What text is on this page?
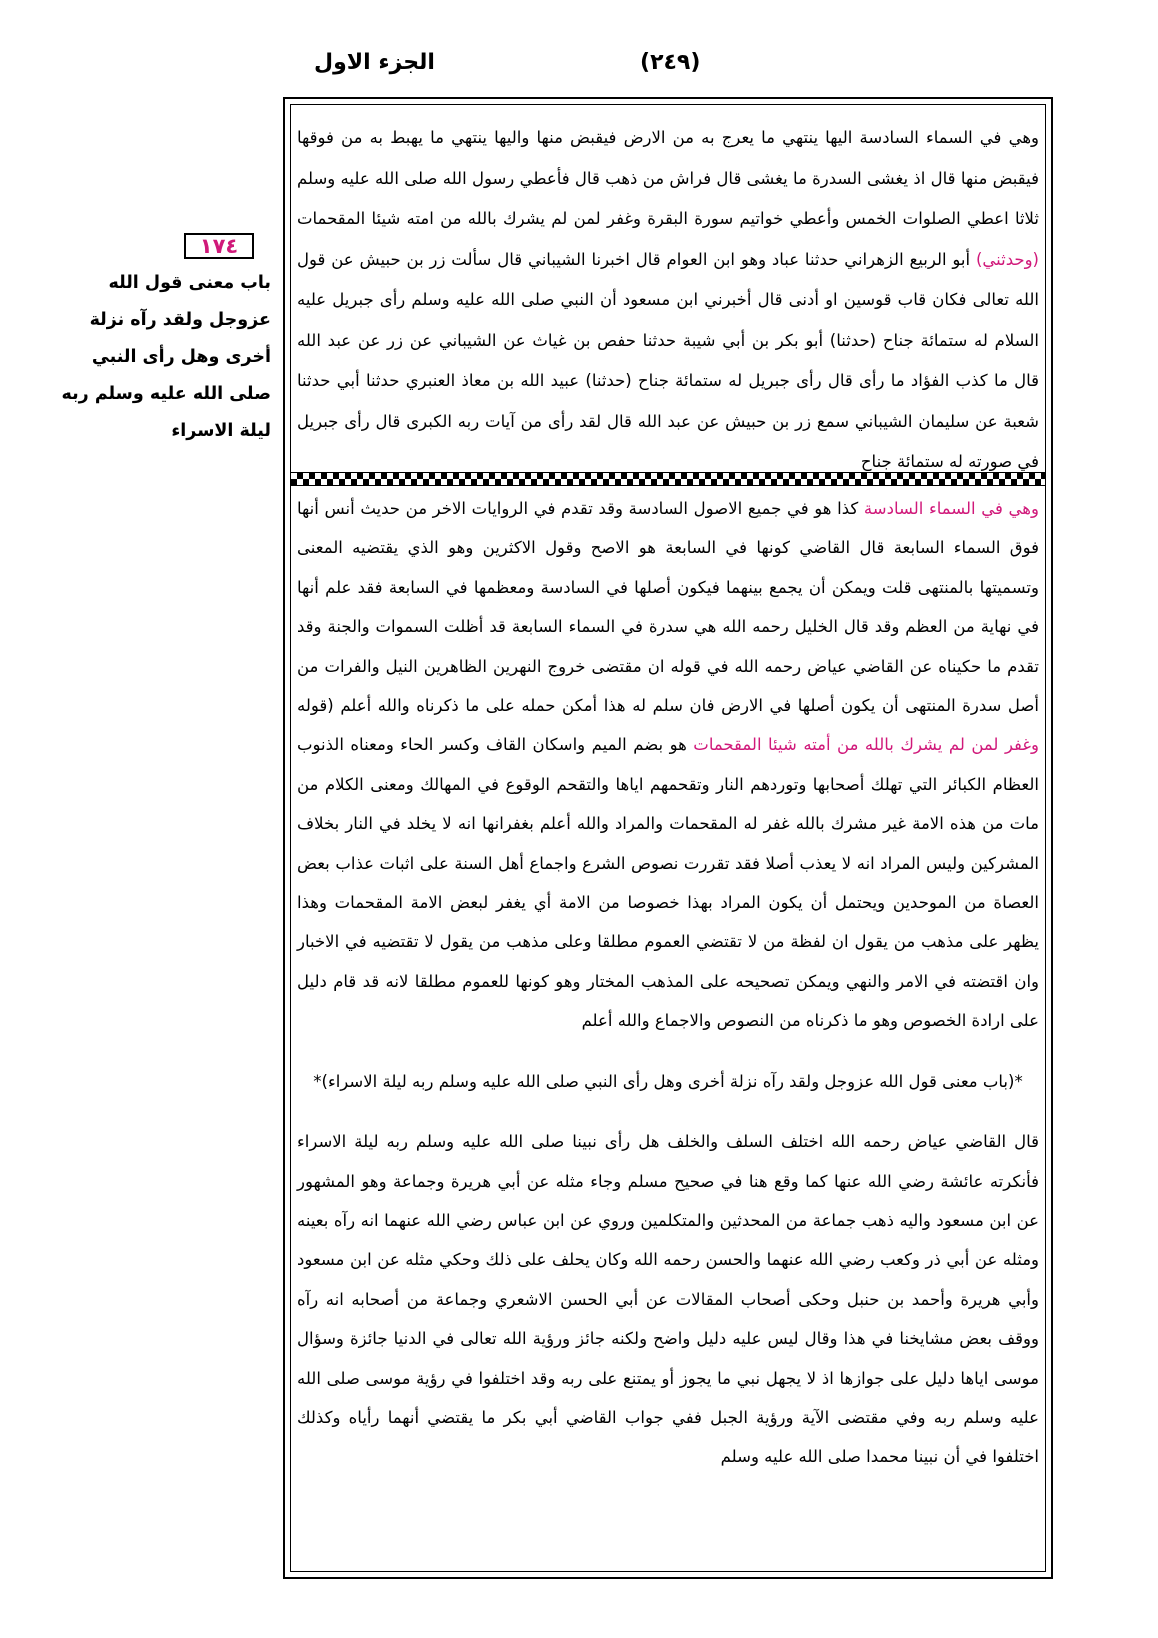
الجزء الاول	(٢٤٩)
١٧٤
باب معنى قول الله عزوجل ولقد رآه نزلة أخرى وهل رأى النبي صلى الله عليه وسلم ربه ليلة الاسراء
وهي في السماء السادسة اليها ينتهي ما يعرج به من الارض فيقبض منها واليها ينتهي ما يهبط به من فوقها فيقبض منها قال اذ يغشى السدرة ما يغشى قال فراش من ذهب قال فأعطي رسول الله صلى الله عليه وسلم ثلاثا اعطي الصلوات الخمس وأعطي خواتيم سورة البقرة وغفر لمن لم يشرك بالله من امته شيئا المقحمات (وحدثني) أبو الربيع الزهراني حدثنا عباد وهو ابن العوام قال اخبرنا الشيباني قال سألت زر بن حبيش عن قول الله تعالى فكان قاب قوسين او أدنى قال أخبرني ابن مسعود أن النبي صلى الله عليه وسلم رأى جبريل عليه السلام له ستمائة جناح (حدثنا) أبو بكر بن أبي شيبة حدثنا حفص بن غياث عن الشيباني عن زر عن عبد الله قال ما كذب الفؤاد ما رأى قال رأى جبريل له ستمائة جناح (حدثنا) عبيد الله بن معاذ العنبري حدثنا أبي حدثنا شعبة عن سليمان الشيباني سمع زر بن حبيش عن عبد الله قال لقد رأى من آيات ربه الكبرى قال رأى جبريل في صورته له ستمائة جناح

وهي في السماء السادسة كذا هو في جميع الاصول السادسة وقد تقدم في الروايات الاخر من حديث أنس أنها فوق السماء السابعة قال القاضي كونها في السابعة هو الاصح وقول الاكثرين وهو الذي يقتضيه المعنى وتسميتها بالمنتهى قلت ويمكن أن يجمع بينهما فيكون أصلها في السادسة ومعظمها في السابعة فقد علم أنها في نهاية من العظم وقد قال الخليل رحمه الله هي سدرة في السماء السابعة قد أظلت السموات والجنة وقد تقدم ما حكيناه عن القاضي عياض رحمه الله في قوله ان مقتضى خروج النهرين الظاهرين النيل والفرات من أصل سدرة المنتهى أن يكون أصلها في الارض فان سلم له هذا أمكن حمله على ما ذكرناه والله أعلم (قوله وغفر لمن لم يشرك بالله من أمته شيئا المقحمات هو بضم الميم واسكان القاف وكسر الحاء ومعناه الذنوب العظام الكبائر التي تهلك أصحابها وتوردهم النار وتقحمهم اياها والتقحم الوقوع في المهالك ومعنى الكلام من مات من هذه الامة غير مشرك بالله غفر له المقحمات والمراد والله أعلم بغفرانها انه لا يخلد في النار بخلاف المشركين وليس المراد انه لا يعذب أصلا فقد تقررت نصوص الشرع واجماع أهل السنة على اثبات عذاب بعض العصاة من الموحدين ويحتمل أن يكون المراد بهذا خصوصا من الامة أي يغفر لبعض الامة المقحمات وهذا يظهر على مذهب من يقول ان لفظة من لا تقتضي العموم مطلقا وعلى مذهب من يقول لا تقتضيه في الاخبار وان اقتضته في الامر والنهي ويمكن تصحيحه على المذهب المختار وهو كونها للعموم مطلقا لانه قد قام دليل على ارادة الخصوص وهو ما ذكرناه من النصوص والاجماع والله أعلم

*(باب معنى قول الله عزوجل ولقد رآه نزلة أخرى وهل رأى النبي صلى الله عليه وسلم ربه ليلة الاسراء)*

قال القاضي عياض رحمه الله اختلف السلف والخلف هل رأى نبينا صلى الله عليه وسلم ربه ليلة الاسراء فأنكرته عائشة رضي الله عنها كما وقع هنا في صحيح مسلم وجاء مثله عن أبي هريرة وجماعة وهو المشهور عن ابن مسعود واليه ذهب جماعة من المحدثين والمتكلمين وروي عن ابن عباس رضي الله عنهما انه رآه بعينه ومثله عن أبي ذر وكعب رضي الله عنهما والحسن رحمه الله وكان يحلف على ذلك وحكي مثله عن ابن مسعود وأبي هريرة وأحمد بن حنبل وحكى أصحاب المقالات عن أبي الحسن الاشعري وجماعة من أصحابه انه رآه ووقف بعض مشايخنا في هذا وقال ليس عليه دليل واضح ولكنه جائز ورؤية الله تعالى في الدنيا جائزة وسؤال موسى اياها دليل على جوازها اذ لا يجهل نبي ما يجوز أو يمتنع على ربه وقد اختلفوا في رؤية موسى صلى الله عليه وسلم ربه وفي مقتضى الآية ورؤية الجبل ففي جواب القاضي أبي بكر ما يقتضي أنهما رأياه وكذلك اختلفوا في أن نبينا محمدا صلى الله عليه وسلم
